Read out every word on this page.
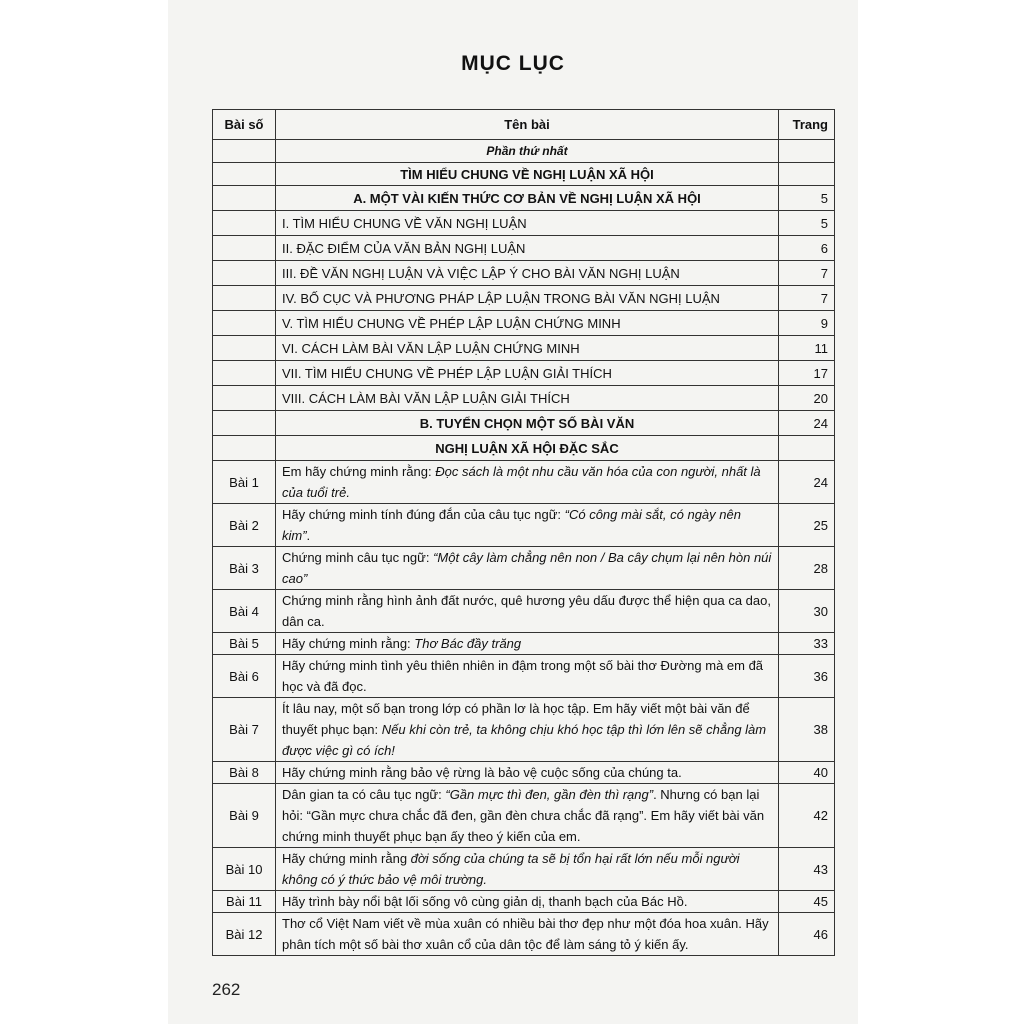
​
MỤC LỤC
Bài số	Tên bài	Trang
	Phần thứ nhất	
	TÌM HIỂU CHUNG VỀ NGHỊ LUẬN XÃ HỘI	
	A. MỘT VÀI KIẾN THỨC CƠ BẢN VỀ NGHỊ LUẬN XÃ HỘI	5
	I. TÌM HIỂU CHUNG VỀ VĂN NGHỊ LUẬN	5
	II. ĐẶC ĐIỂM CỦA VĂN BẢN NGHỊ LUẬN	6
	III. ĐỀ VĂN NGHỊ LUẬN VÀ VIỆC LẬP Ý CHO BÀI VĂN NGHỊ LUẬN	7
	IV. BỐ CỤC VÀ PHƯƠNG PHÁP LẬP LUẬN TRONG BÀI VĂN NGHỊ LUẬN	7
	V. TÌM HIỂU CHUNG VỀ PHÉP LẬP LUẬN CHỨNG MINH	9
	VI. CÁCH LÀM BÀI VĂN LẬP LUẬN CHỨNG MINH	11
	VII. TÌM HIỂU CHUNG VỀ PHÉP LẬP LUẬN GIẢI THÍCH	17
	VIII. CÁCH LÀM BÀI VĂN LẬP LUẬN GIẢI THÍCH	20
	B. TUYỂN CHỌN MỘT SỐ BÀI VĂN	24
	NGHỊ LUẬN XÃ HỘI ĐẶC SẮC	
Bài 1	Em hãy chứng minh rằng: Đọc sách là một nhu cầu văn hóa của con người, nhất là của tuổi trẻ.	24
Bài 2	Hãy chứng minh tính đúng đắn của câu tục ngữ: “Có công mài sắt, có ngày nên kim”.	25
Bài 3	Chứng minh câu tục ngữ: “Một cây làm chẳng nên non / Ba cây chụm lại nên hòn núi cao”	28
Bài 4	Chứng minh rằng hình ảnh đất nước, quê hương yêu dấu được thể hiện qua ca dao, dân ca.	30
Bài 5	Hãy chứng minh rằng: Thơ Bác đầy trăng	33
Bài 6	Hãy chứng minh tình yêu thiên nhiên in đậm trong một số bài thơ Đường mà em đã học và đã đọc.	36
Bài 7	Ít lâu nay, một số bạn trong lớp có phần lơ là học tập. Em hãy viết một bài văn để thuyết phục bạn: Nếu khi còn trẻ, ta không chịu khó học tập thì lớn lên sẽ chẳng làm được việc gì có ích!	38
Bài 8	Hãy chứng minh rằng bảo vệ rừng là bảo vệ cuộc sống của chúng ta.	40
Bài 9	Dân gian ta có câu tục ngữ: “Gần mực thì đen, gần đèn thì rạng”. Nhưng có bạn lại hỏi: “Gần mực chưa chắc đã đen, gần đèn chưa chắc đã rạng”. Em hãy viết bài văn chứng minh thuyết phục bạn ấy theo ý kiến của em.	42
Bài 10	Hãy chứng minh rằng đời sống của chúng ta sẽ bị tổn hại rất lớn nếu mỗi người không có ý thức bảo vệ môi trường.	43
Bài 11	Hãy trình bày nổi bật lối sống vô cùng giản dị, thanh bạch của Bác Hồ.	45
Bài 12	Thơ cổ Việt Nam viết về mùa xuân có nhiều bài thơ đẹp như một đóa hoa xuân. Hãy phân tích một số bài thơ xuân cổ của dân tộc để làm sáng tỏ ý kiến ấy.	46
262
